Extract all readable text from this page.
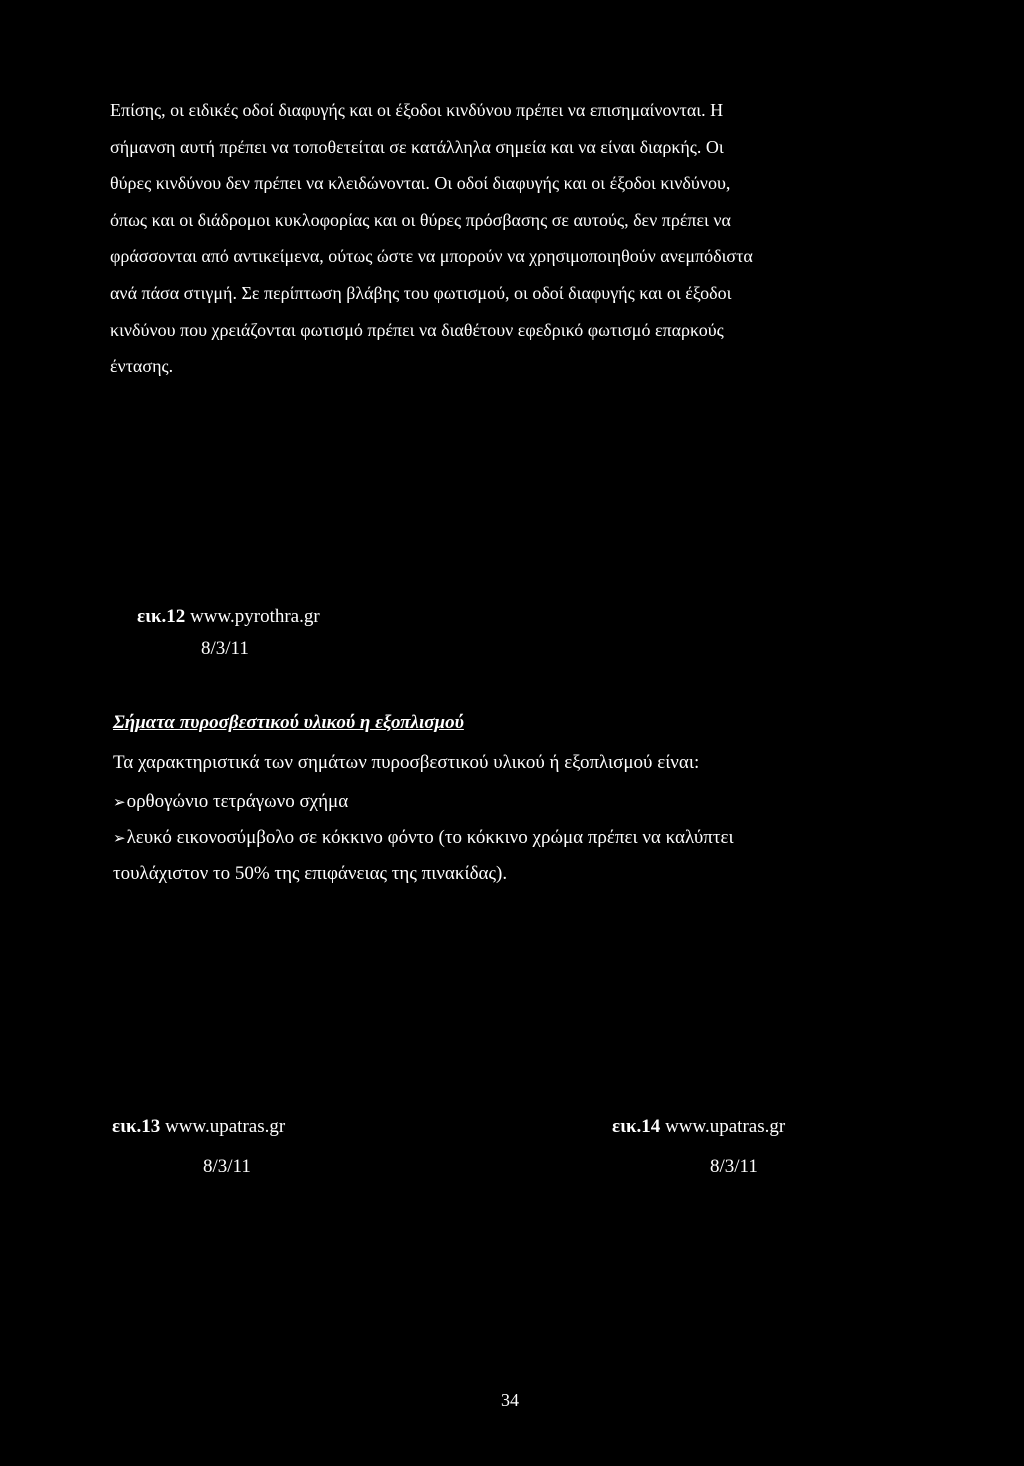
Επίσης, οι ειδικές οδοί διαφυγής και οι έξοδοι κινδύνου πρέπει να επισημαίνονται. Η
σήμανση αυτή πρέπει να τοποθετείται σε κατάλληλα σημεία και να είναι διαρκής. Οι
θύρες κινδύνου δεν πρέπει να κλειδώνονται. Οι οδοί διαφυγής και οι έξοδοι κινδύνου,
όπως και οι διάδρομοι κυκλοφορίας και οι θύρες πρόσβασης σε αυτούς, δεν πρέπει να
φράσσονται από αντικείμενα, ούτως ώστε να μπορούν να χρησιμοποιηθούν ανεμπόδιστα
ανά πάσα στιγμή. Σε περίπτωση βλάβης του φωτισμού, οι οδοί διαφυγής και οι έξοδοι
κινδύνου που χρειάζονται φωτισμό πρέπει να διαθέτουν εφεδρικό φωτισμό επαρκούς
έντασης.
εικ.12 www.pyrothra.gr
8/3/11
Σήματα πυροσβεστικού υλικού η εξοπλισμού
Τα χαρακτηριστικά των σημάτων πυροσβεστικού υλικού ή εξοπλισμού είναι:
➢ορθογώνιο τετράγωνο σχήμα
➢λευκό εικονοσύμβολο σε κόκκινο φόντο (το κόκκινο χρώμα πρέπει να καλύπτει
τουλάχιστον το 50% της επιφάνειας της πινακίδας).
εικ.13 www.upatras.gr
8/3/11
εικ.14 www.upatras.gr
8/3/11
34
